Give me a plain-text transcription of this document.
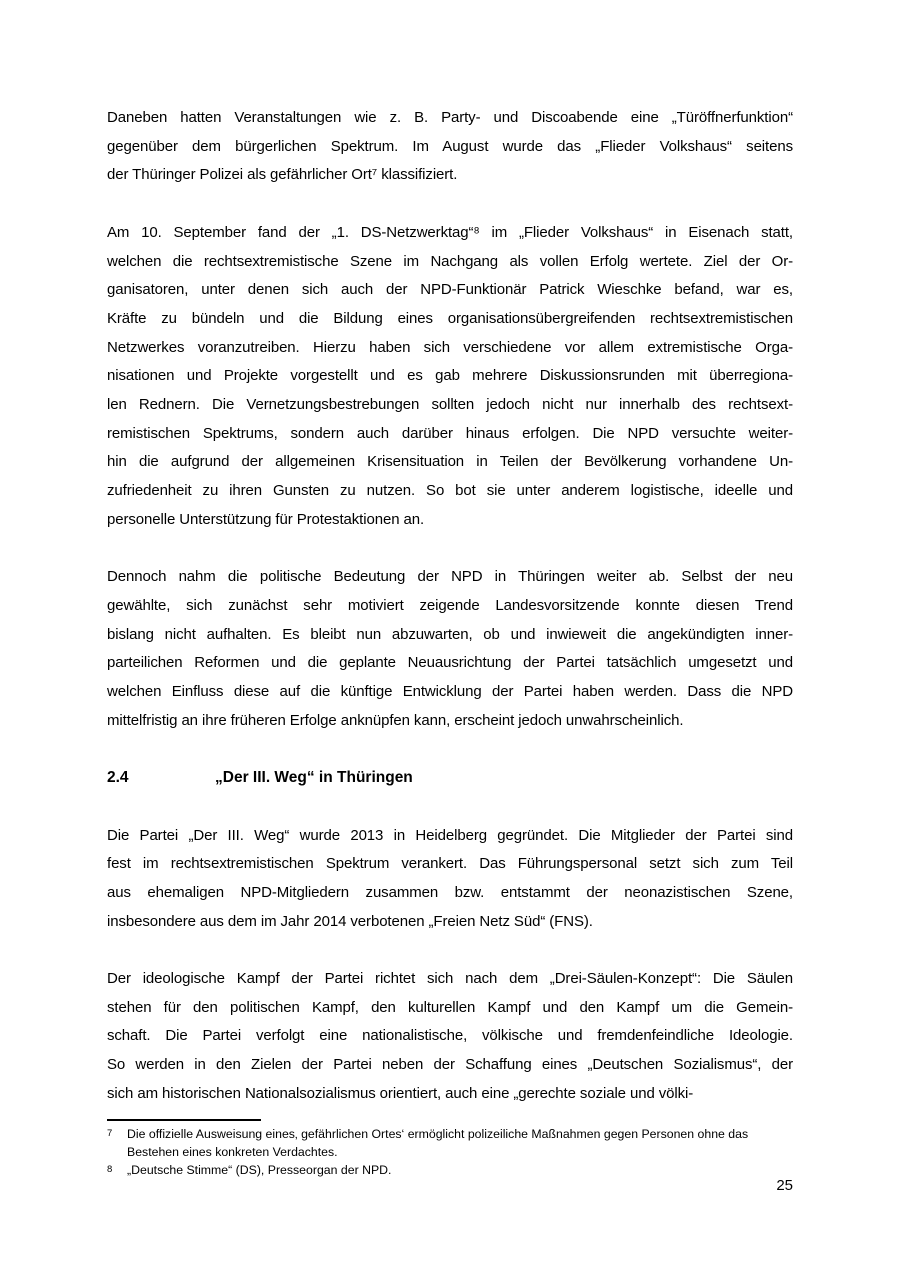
Daneben hatten Veranstaltungen wie z. B. Party- und Discoabende eine „Türöffnerfunktion“
gegenüber dem bürgerlichen Spektrum. Im August wurde das „Flieder Volkshaus“ seitens
der Thüringer Polizei als gefährlicher Ort⁷ klassifiziert.
Am 10. September fand der „1. DS-Netzwerktag“⁸ im „Flieder Volkshaus“ in Eisenach statt,
welchen die rechtsextremistische Szene im Nachgang als vollen Erfolg wertete. Ziel der Or-
ganisatoren, unter denen sich auch der NPD-Funktionär Patrick Wieschke befand, war es,
Kräfte zu bündeln und die Bildung eines organisationsübergreifenden rechtsextremistischen
Netzwerkes voranzutreiben. Hierzu haben sich verschiedene vor allem extremistische Orga-
nisationen und Projekte vorgestellt und es gab mehrere Diskussionsrunden mit überregiona-
len Rednern. Die Vernetzungsbestrebungen sollten jedoch nicht nur innerhalb des rechtsext-
remistischen Spektrums, sondern auch darüber hinaus erfolgen. Die NPD versuchte weiter-
hin die aufgrund der allgemeinen Krisensituation in Teilen der Bevölkerung vorhandene Un-
zufriedenheit zu ihren Gunsten zu nutzen. So bot sie unter anderem logistische, ideelle und
personelle Unterstützung für Protestaktionen an.
Dennoch nahm die politische Bedeutung der NPD in Thüringen weiter ab. Selbst der neu
gewählte, sich zunächst sehr motiviert zeigende Landesvorsitzende konnte diesen Trend
bislang nicht aufhalten. Es bleibt nun abzuwarten, ob und inwieweit die angekündigten inner-
parteilichen Reformen und die geplante Neuausrichtung der Partei tatsächlich umgesetzt und
welchen Einfluss diese auf die künftige Entwicklung der Partei haben werden. Dass die NPD
mittelfristig an ihre früheren Erfolge anknüpfen kann, erscheint jedoch unwahrscheinlich.
2.4	„Der III. Weg“ in Thüringen
Die Partei „Der III. Weg“ wurde 2013 in Heidelberg gegründet. Die Mitglieder der Partei sind
fest im rechtsextremistischen Spektrum verankert. Das Führungspersonal setzt sich zum Teil
aus ehemaligen NPD-Mitgliedern zusammen bzw. entstammt der neonazistischen Szene,
insbesondere aus dem im Jahr 2014 verbotenen „Freien Netz Süd“ (FNS).
Der ideologische Kampf der Partei richtet sich nach dem „Drei-Säulen-Konzept“: Die Säulen
stehen für den politischen Kampf, den kulturellen Kampf und den Kampf um die Gemein-
schaft. Die Partei verfolgt eine nationalistische, völkische und fremdenfeindliche Ideologie.
So werden in den Zielen der Partei neben der Schaffung eines „Deutschen Sozialismus“, der
sich am historischen Nationalsozialismus orientiert, auch eine „gerechte soziale und völki-
7	Die offizielle Ausweisung eines‚ gefährlichen Ortes‘ ermöglicht polizeiliche Maßnahmen gegen Personen ohne das Bestehen eines konkreten Verdachtes.
8	„Deutsche Stimme“ (DS), Presseorgan der NPD.
25
